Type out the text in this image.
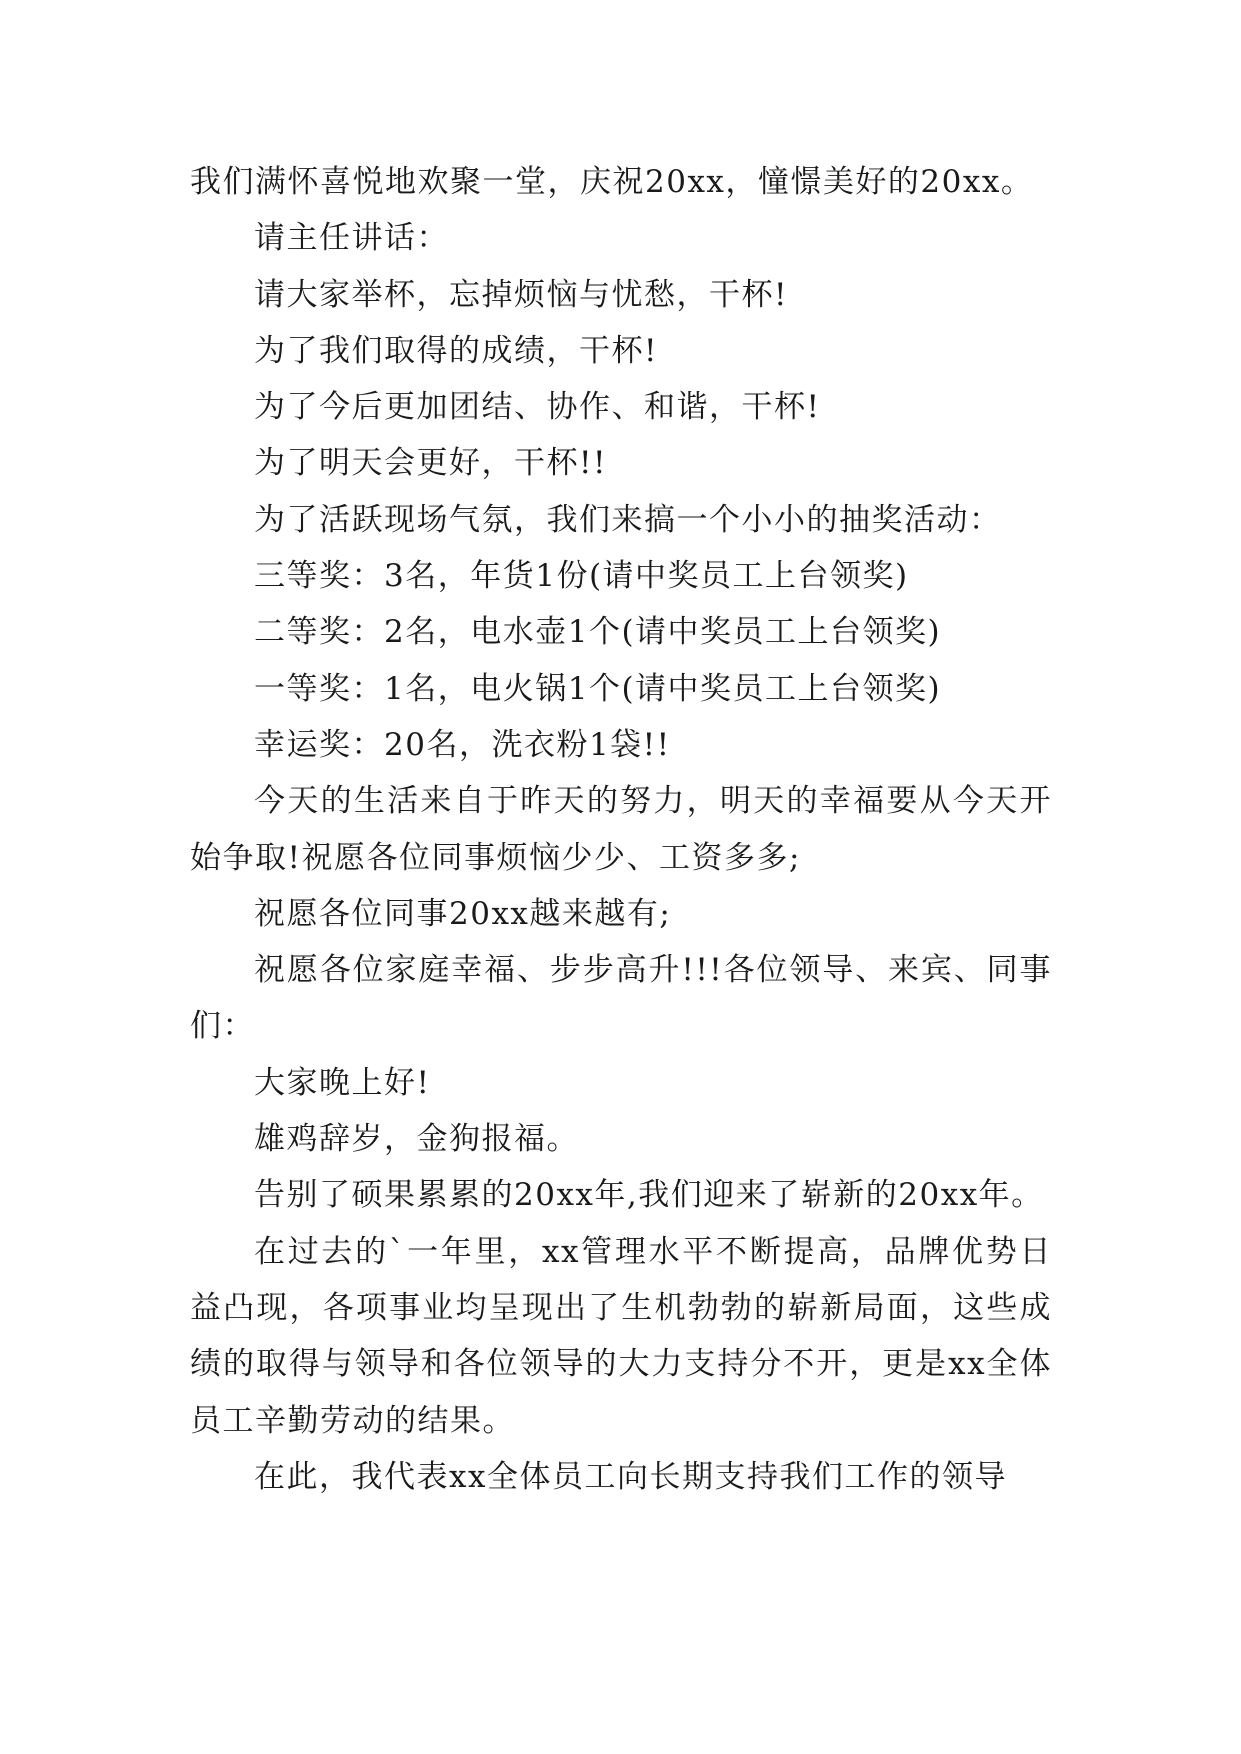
我们满怀喜悦地欢聚一堂，庆祝20xx，憧憬美好的20xx。

请主任讲话：

请大家举杯，忘掉烦恼与忧愁，干杯!

为了我们取得的成绩，干杯!

为了今后更加团结、协作、和谐，干杯!

为了明天会更好，干杯!!

为了活跃现场气氛，我们来搞一个小小的抽奖活动：

三等奖：3名，年货1份(请中奖员工上台领奖)

二等奖：2名，电水壶1个(请中奖员工上台领奖)

一等奖：1名，电火锅1个(请中奖员工上台领奖)

幸运奖：20名，洗衣粉1袋!!

今天的生活来自于昨天的努力，明天的幸福要从今天开始争取!祝愿各位同事烦恼少少、工资多多;

祝愿各位同事20xx越来越有;

祝愿各位家庭幸福、步步高升!!!各位领导、来宾、同事们：

大家晚上好!

雄鸡辞岁，金狗报福。

告别了硕果累累的20xx年,我们迎来了崭新的20xx年。

在过去的`一年里，xx管理水平不断提高，品牌优势日益凸现，各项事业均呈现出了生机勃勃的崭新局面，这些成绩的取得与领导和各位领导的大力支持分不开，更是xx全体员工辛勤劳动的结果。

在此，我代表xx全体员工向长期支持我们工作的领导
